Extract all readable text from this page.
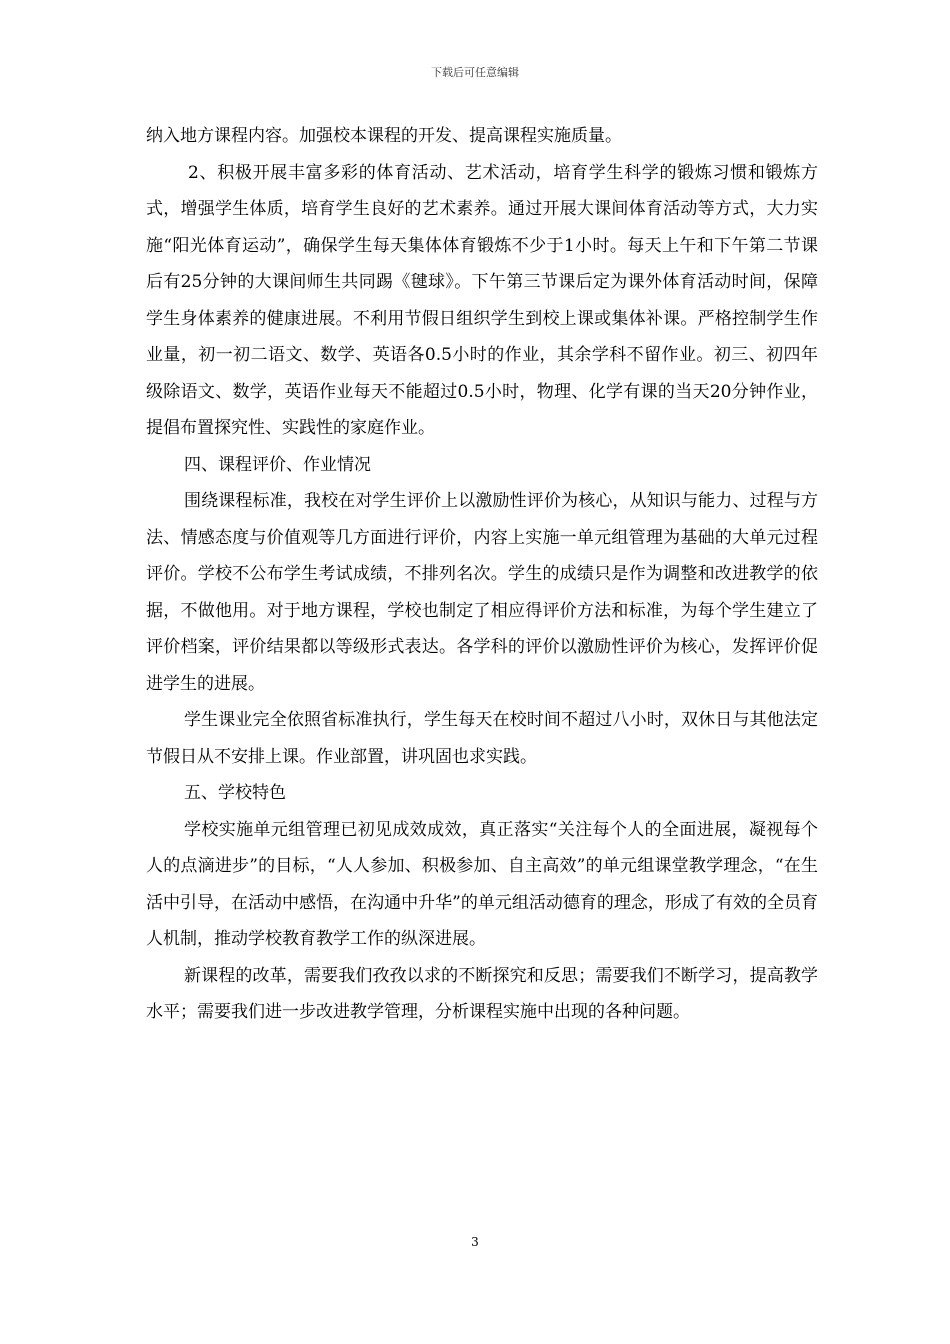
下载后可任意编辑

纳入地方课程内容。加强校本课程的开发、提高课程实施质量。

2、积极开展丰富多彩的体育活动、艺术活动，培育学生科学的锻炼习惯和锻炼方式，增强学生体质，培育学生良好的艺术素养。通过开展大课间体育活动等方式，大力实施“阳光体育运动”，确保学生每天集体体育锻炼不少于1小时。每天上午和下午第二节课后有25分钟的大课间师生共同踢《毽球》。下午第三节课后定为课外体育活动时间，保障学生身体素养的健康进展。不利用节假日组织学生到校上课或集体补课。严格控制学生作业量，初一初二语文、数学、英语各0.5小时的作业，其余学科不留作业。初三、初四年级除语文、数学，英语作业每天不能超过0.5小时，物理、化学有课的当天20分钟作业，提倡布置探究性、实践性的家庭作业。

四、课程评价、作业情况

围绕课程标准，我校在对学生评价上以激励性评价为核心，从知识与能力、过程与方法、情感态度与价值观等几方面进行评价，内容上实施一单元组管理为基础的大单元过程评价。学校不公布学生考试成绩，不排列名次。学生的成绩只是作为调整和改进教学的依据，不做他用。对于地方课程，学校也制定了相应得评价方法和标准，为每个学生建立了评价档案，评价结果都以等级形式表达。各学科的评价以激励性评价为核心，发挥评价促进学生的进展。

学生课业完全依照省标准执行，学生每天在校时间不超过八小时，双休日与其他法定节假日从不安排上课。作业部置，讲巩固也求实践。

五、学校特色

学校实施单元组管理已初见成效成效，真正落实“关注每个人的全面进展，凝视每个人的点滴进步”的目标，“人人参加、积极参加、自主高效”的单元组课堂教学理念，“在生活中引导，在活动中感悟，在沟通中升华”的单元组活动德育的理念，形成了有效的全员育人机制，推动学校教育教学工作的纵深进展。

新课程的改革，需要我们孜孜以求的不断探究和反思；需要我们不断学习，提高教学水平；需要我们进一步改进教学管理，分析课程实施中出现的各种问题。

3
